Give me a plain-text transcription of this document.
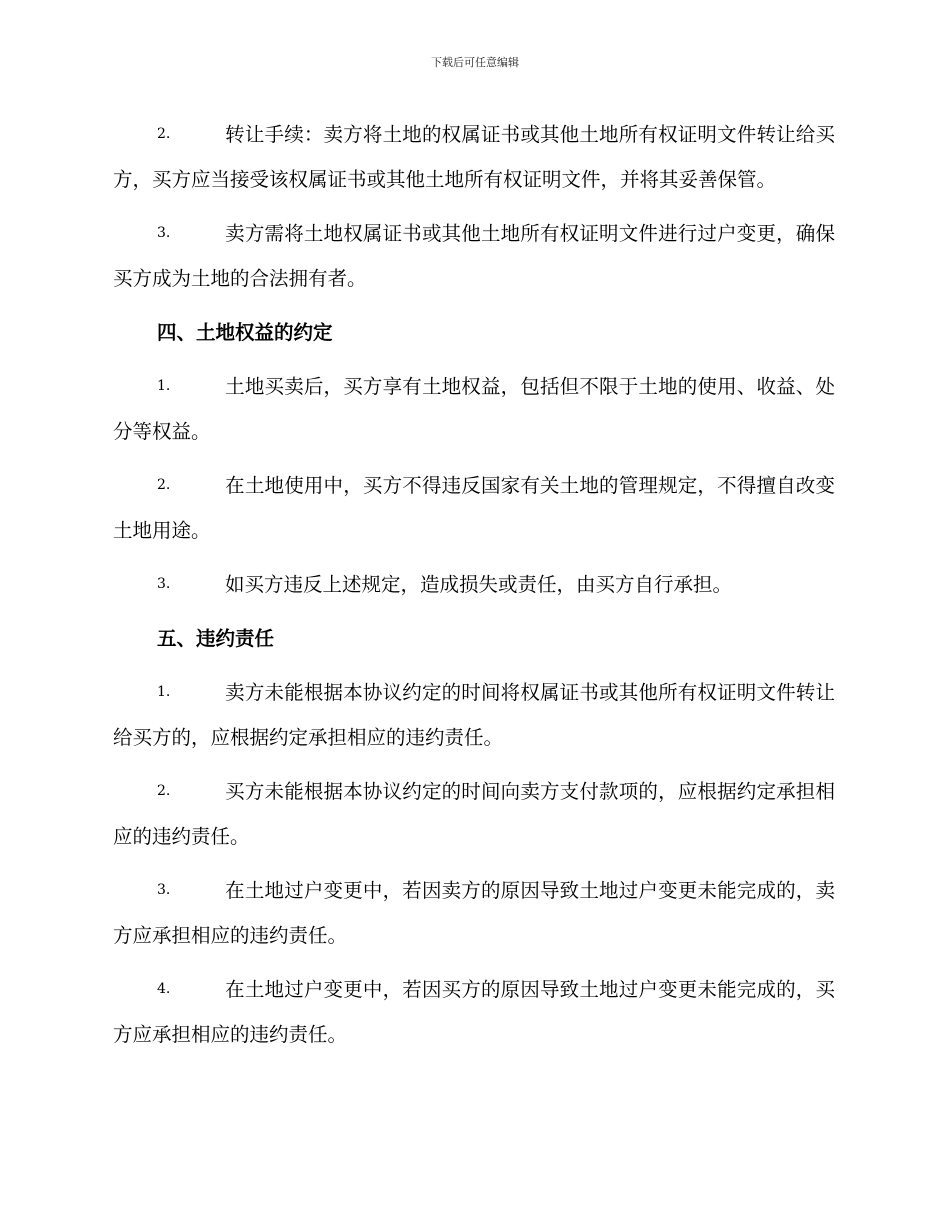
下载后可任意编辑

2.	转让手续：卖方将土地的权属证书或其他土地所有权证明文件转让给买方，买方应当接受该权属证书或其他土地所有权证明文件，并将其妥善保管。

3.	卖方需将土地权属证书或其他土地所有权证明文件进行过户变更，确保买方成为土地的合法拥有者。

四、土地权益的约定

1.	土地买卖后，买方享有土地权益，包括但不限于土地的使用、收益、处分等权益。

2.	在土地使用中，买方不得违反国家有关土地的管理规定，不得擅自改变土地用途。

3.	如买方违反上述规定，造成损失或责任，由买方自行承担。

五、违约责任

1.	卖方未能根据本协议约定的时间将权属证书或其他所有权证明文件转让给买方的，应根据约定承担相应的违约责任。

2.	买方未能根据本协议约定的时间向卖方支付款项的，应根据约定承担相应的违约责任。

3.	在土地过户变更中，若因卖方的原因导致土地过户变更未能完成的，卖方应承担相应的违约责任。

4.	在土地过户变更中，若因买方的原因导致土地过户变更未能完成的，买方应承担相应的违约责任。
